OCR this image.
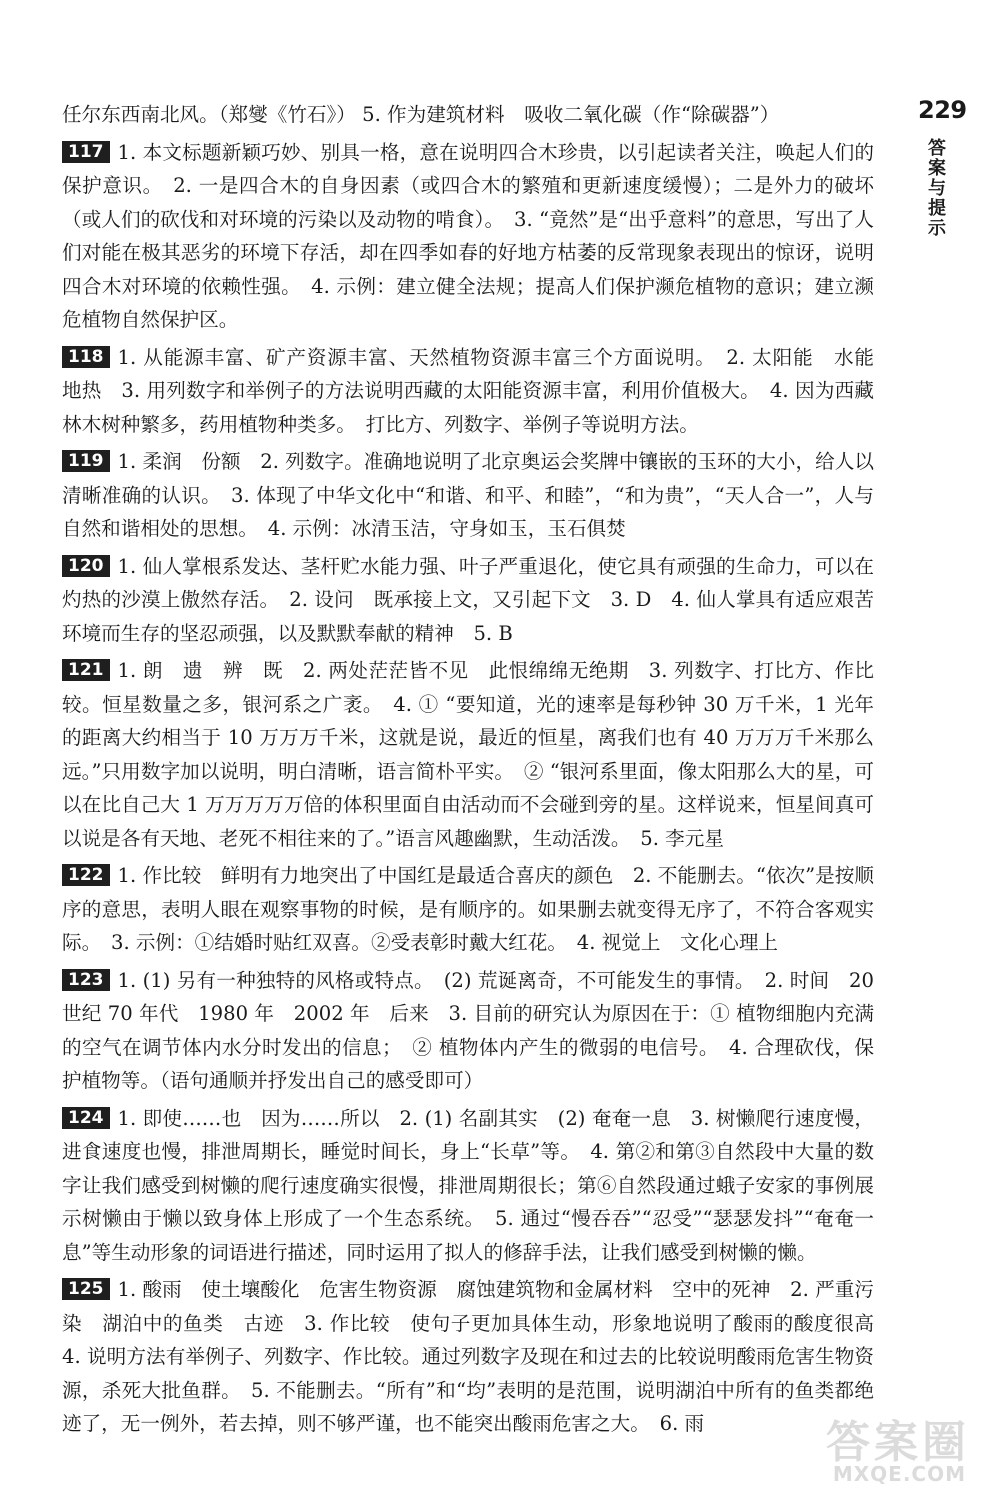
229
答案与提示

任尔东西南北风。（郑燮《竹石》） 5. 作为建筑材料　吸收二氧化碳（作“除碳器”）

117 1. 本文标题新颖巧妙、别具一格，意在说明四合木珍贵，以引起读者关注，唤起人们的保护意识。　2. 一是四合木的自身因素（或四合木的繁殖和更新速度缓慢）；二是外力的破坏（或人们的砍伐和对环境的污染以及动物的啃食）。　3. “竟然”是“出乎意料”的意思，写出了人们对能在极其恶劣的环境下存活，却在四季如春的好地方枯萎的反常现象表现出的惊讶，说明四合木对环境的依赖性强。　4. 示例：建立健全法规；提高人们保护濒危植物的意识；建立濒危植物自然保护区。

118 1. 从能源丰富、矿产资源丰富、天然植物资源丰富三个方面说明。　2. 太阳能　水能　地热　3. 用列数字和举例子的方法说明西藏的太阳能资源丰富，利用价值极大。　4. 因为西藏林木树种繁多，药用植物种类多。　打比方、列数字、举例子等说明方法。

119 1. 柔润　份额　2. 列数字。准确地说明了北京奥运会奖牌中镶嵌的玉环的大小，给人以清晰准确的认识。　3. 体现了中华文化中“和谐、和平、和睦”，“和为贵”，“天人合一”，人与自然和谐相处的思想。　4. 示例：冰清玉洁，守身如玉，玉石俱焚

120 1. 仙人掌根系发达、茎杆贮水能力强、叶子严重退化，使它具有顽强的生命力，可以在灼热的沙漠上傲然存活。　2. 设问　既承接上文，又引起下文　3. D　4. 仙人掌具有适应艰苦环境而生存的坚忍顽强，以及默默奉献的精神　5. B

121 1. 朗　遗　辨　既　2. 两处茫茫皆不见　此恨绵绵无绝期　3. 列数字、打比方、作比较。恒星数量之多，银河系之广袤。　4. ① “要知道，光的速率是每秒钟 30 万千米，1 光年的距离大约相当于 10 万万万千米，这就是说，最近的恒星，离我们也有 40 万万万千米那么远。”只用数字加以说明，明白清晰，语言简朴平实。　② “银河系里面，像太阳那么大的星，可以在比自己大 1 万万万万万倍的体积里面自由活动而不会碰到旁的星。这样说来，恒星间真可以说是各有天地、老死不相往来的了。”语言风趣幽默，生动活泼。　5. 李元星

122 1. 作比较　鲜明有力地突出了中国红是最适合喜庆的颜色　2. 不能删去。“依次”是按顺序的意思，表明人眼在观察事物的时候，是有顺序的。如果删去就变得无序了，不符合客观实际。　3. 示例：①结婚时贴红双喜。②受表彰时戴大红花。　4. 视觉上　文化心理上

123 1. (1) 另有一种独特的风格或特点。　(2) 荒诞离奇，不可能发生的事情。　2. 时间　20 世纪 70 年代　1980 年　2002 年　后来　3. 目前的研究认为原因在于：① 植物细胞内充满的空气在调节体内水分时发出的信息；　② 植物体内产生的微弱的电信号。　4. 合理砍伐，保护植物等。（语句通顺并抒发出自己的感受即可）

124 1. 即使……也　因为……所以　2. (1) 名副其实　(2) 奄奄一息　3. 树懒爬行速度慢，进食速度也慢，排泄周期长，睡觉时间长，身上“长草”等。　4. 第②和第③自然段中大量的数字让我们感受到树懒的爬行速度确实很慢，排泄周期很长；第⑥自然段通过蛾子安家的事例展示树懒由于懒以致身体上形成了一个生态系统。　5. 通过“慢吞吞”“忍受”“瑟瑟发抖”“奄奄一息”等生动形象的词语进行描述，同时运用了拟人的修辞手法，让我们感受到树懒的懒。

125 1. 酸雨　使土壤酸化　危害生物资源　腐蚀建筑物和金属材料　空中的死神　2. 严重污染　湖泊中的鱼类　古迹　3. 作比较　使句子更加具体生动，形象地说明了酸雨的酸度很高　4. 说明方法有举例子、列数字、作比较。通过列数字及现在和过去的比较说明酸雨危害生物资源，杀死大批鱼群。　5. 不能删去。“所有”和“均”表明的是范围，说明湖泊中所有的鱼类都绝迹了，无一例外，若去掉，则不够严谨，也不能突出酸雨危害之大。　6. 雨	答案圈
MXQE.COM
